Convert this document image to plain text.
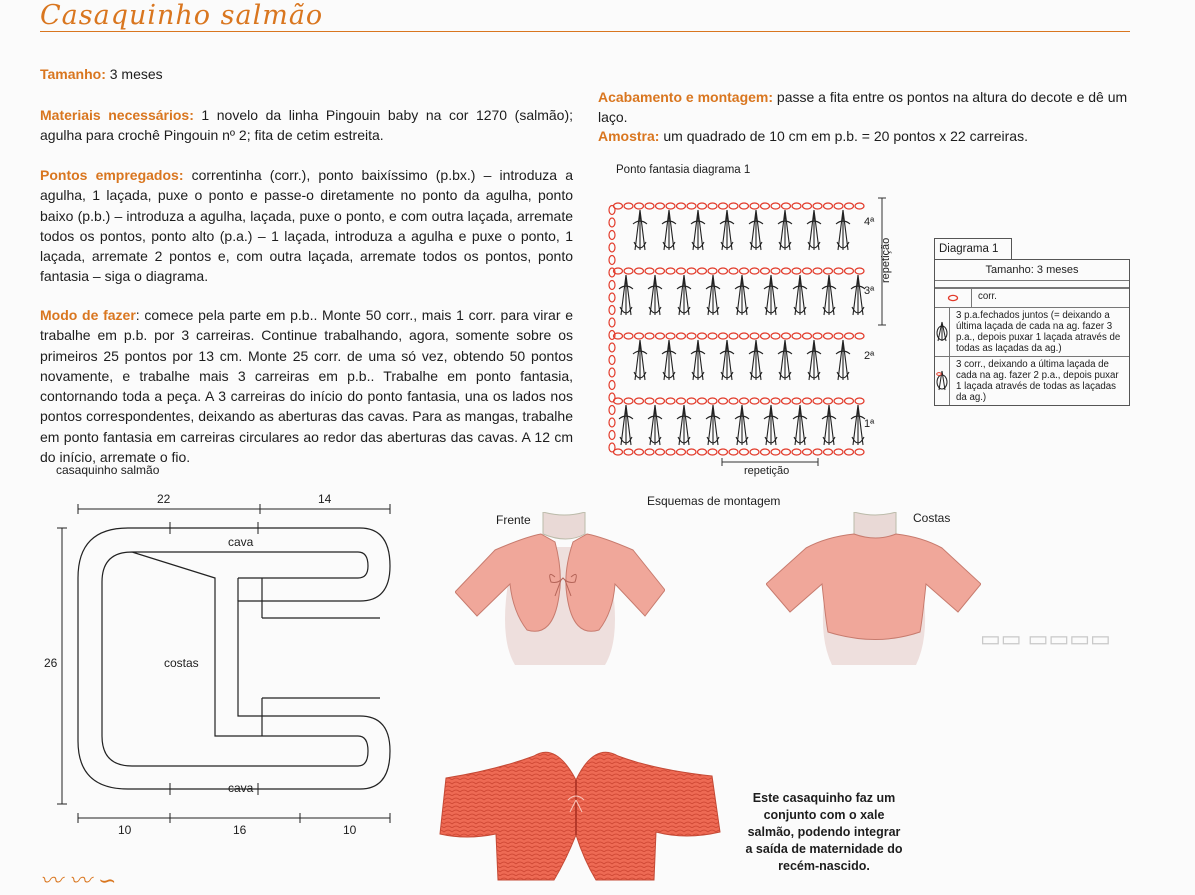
Casaquinho salmão
Tamanho: 3 meses
Materiais necessários: 1 novelo da linha Pingouin baby na cor 1270 (salmão); agulha para crochê Pingouin nº 2; fita de cetim estreita.
Pontos empregados: correntinha (corr.), ponto baixíssimo (p.bx.) – introduza a agulha, 1 laçada, puxe o ponto e passe-o diretamente no ponto da agulha, ponto baixo (p.b.) – introduza a agulha, laçada, puxe o ponto, e com outra laçada, arremate todos os pontos, ponto alto (p.a.) – 1 laçada, introduza a agulha e puxe o ponto, 1 laçada, arremate 2 pontos e, com outra laçada, arremate todos os pontos, ponto fantasia – siga o diagrama.
Modo de fazer: comece pela parte em p.b.. Monte 50 corr., mais 1 corr. para virar e trabalhe em p.b. por 3 carreiras. Continue trabalhando, agora, somente sobre os primeiros 25 pontos por 13 cm. Monte 25 corr. de uma só vez, obtendo 50 pontos novamente, e trabalhe mais 3 carreiras em p.b.. Trabalhe em ponto fantasia, contornando toda a peça. A 3 carreiras do início do ponto fantasia, una os lados nos pontos correspondentes, deixando as aberturas das cavas. Para as mangas, trabalhe em ponto fantasia em carreiras circulares ao redor das aberturas das cavas. A 12 cm do início, arremate o fio.
Acabamento e montagem: passe a fita entre os pontos na altura do decote e dê um laço.
Amostra: um quadrado de 10 cm em p.b. = 20 pontos x 22 carreiras.
Ponto fantasia diagrama 1
4ª
3ª
2ª
1ª
repetição
repetição
Diagrama 1
Tamanho: 3 meses
corr.
3 p.a.fechados juntos (= deixando a última laçada de cada na ag. fazer 3 p.a., depois puxar 1 laçada através de todas as laçadas da ag.)
3 corr., deixando a última laçada de cada na ag. fazer 2 p.a., depois puxar 1 laçada através de todas as laçadas da ag.)
▭▭ ▭▭▭▭
casaquinho salmão
22	14
26
cava
cava
costas
10	16	10
Esquemas de montagem
Frente	Costas
Este casaquinho faz um conjunto com o xale salmão, podendo integrar a saída de maternidade do recém-nascido.
〰︎ 〰︎ ∽
